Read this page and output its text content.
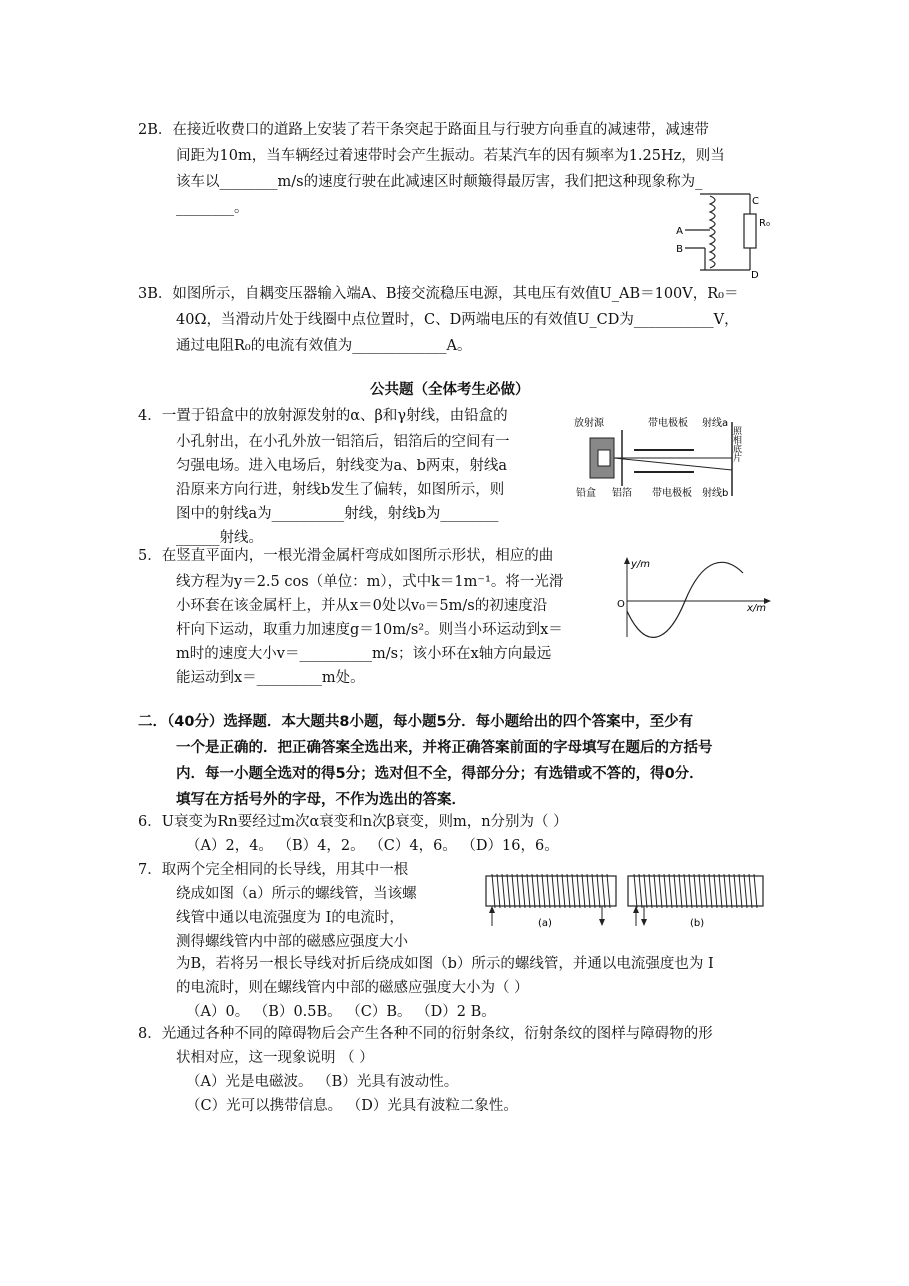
2B．在接近收费口的道路上安装了若干条突起于路面且与行驶方向垂直的减速带，减速带
间距为10m，当车辆经过着速带时会产生振动。若某汽车的因有频率为1.25Hz，则当
该车以________m/s的速度行驶在此减速区时颠簸得最厉害，我们把这种现象称为_
________。
A
B
C
D
R₀
3B．如图所示，自耦变压器输入端A、B接交流稳压电源，其电压有效值U_AB＝100V，R₀＝
40Ω，当滑动片处于线圈中点位置时，C、D两端电压的有效值U_CD为___________V，
通过电阻R₀的电流有效值为_____________A。
公共题（全体考生必做）
4．一置于铅盒中的放射源发射的α、β和γ射线，由铅盒的
小孔射出，在小孔外放一铝箔后，铝箔后的空间有一
匀强电场。进入电场后，射线变为a、b两束，射线a
沿原来方向行进，射线b发生了偏转，如图所示，则
图中的射线a为__________射线，射线b为________
______射线。
放射源	带电极板 射线a
照相底片
铅盒 铝箔 带电极板 射线b
5．在竖直平面内，一根光滑金属杆弯成如图所示形状，相应的曲
线方程为y＝2.5 cos（单位：m），式中k＝1m⁻¹。将一光滑
小环套在该金属杆上，并从x＝0处以v₀＝5m/s的初速度沿
杆向下运动，取重力加速度g＝10m/s²。则当小环运动到x＝
m时的速度大小v＝__________m/s；该小环在x轴方向最远
能运动到x＝_________m处。
y/m
x/m
O
二．（40分）选择题．本大题共8小题，每小题5分．每小题给出的四个答案中，至少有
一个是正确的．把正确答案全选出来，并将正确答案前面的字母填写在题后的方括号
内．每一小题全选对的得5分；选对但不全，得部分分；有选错或不答的，得0分．
填写在方括号外的字母，不作为选出的答案．
6．U衰变为Rn要经过m次α衰变和n次β衰变，则m，n分别为（ ）
（A）2，4。 （B）4，2。 （C）4，6。 （D）16，6。
7．取两个完全相同的长导线，用其中一根
绕成如图（a）所示的螺线管，当该螺
线管中通以电流强度为 I的电流时，
测得螺线管内中部的磁感应强度大小
为B，若将另一根长导线对折后绕成如图（b）所示的螺线管，并通以电流强度也为 I
的电流时，则在螺线管内中部的磁感应强度大小为（ ）
（A）0。 （B）0.5B。 （C）B。 （D）2 B。
(a)	(b)
8．光通过各种不同的障碍物后会产生各种不同的衍射条纹，衍射条纹的图样与障碍物的形
状相对应，这一现象说明 （ ）
（A）光是电磁波。 （B）光具有波动性。
（C）光可以携带信息。 （D）光具有波粒二象性。
